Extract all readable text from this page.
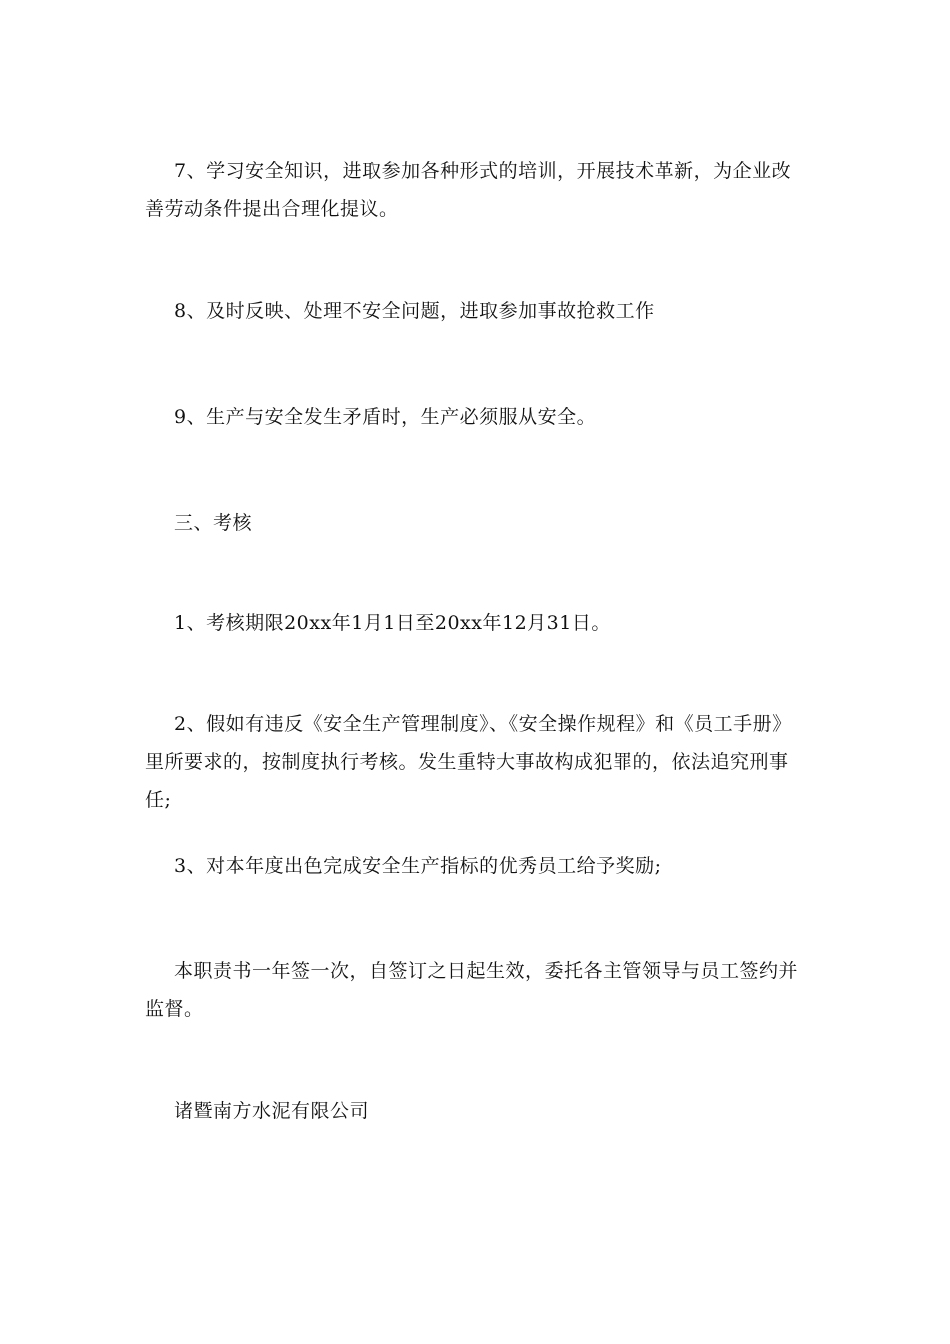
7、学习安全知识，进取参加各种形式的培训，开展技术革新，为企业改善劳动条件提出合理化提议。

8、及时反映、处理不安全问题，进取参加事故抢救工作

9、生产与安全发生矛盾时，生产必须服从安全。

三、考核

1、考核期限20xx年1月1日至20xx年12月31日。

2、假如有违反《安全生产管理制度》、《安全操作规程》和《员工手册》里所要求的，按制度执行考核。发生重特大事故构成犯罪的，依法追究刑事任;

3、对本年度出色完成安全生产指标的优秀员工给予奖励;

本职责书一年签一次，自签订之日起生效，委托各主管领导与员工签约并监督。

诸暨南方水泥有限公司
